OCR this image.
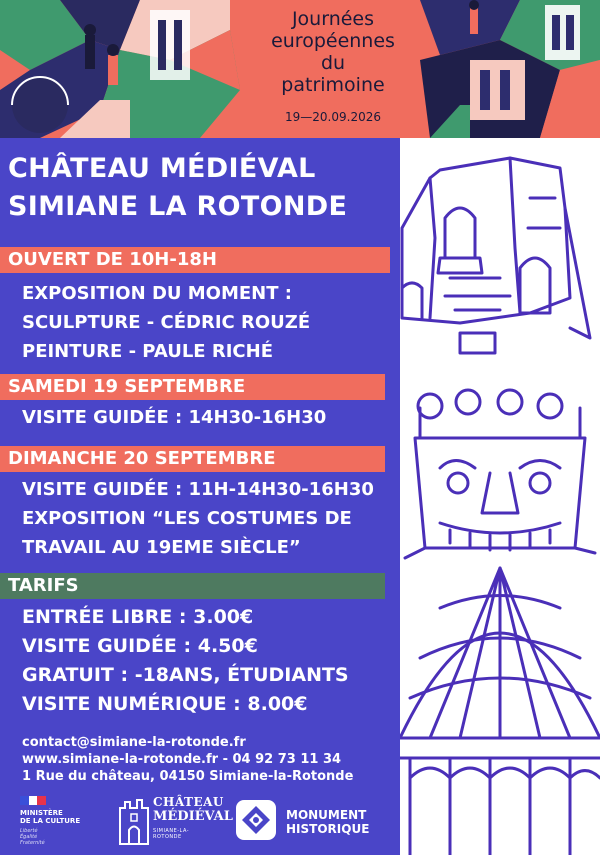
Journées
européennes
du
patrimoine
19—20.09.2026
CHÂTEAU MÉDIÉVAL
SIMIANE LA ROTONDE
OUVERT DE 10H-18H
EXPOSITION DU MOMENT :
SCULPTURE - CÉDRIC ROUZÉ
PEINTURE - PAULE RICHÉ
SAMEDI 19 SEPTEMBRE
VISITE GUIDÉE : 14H30-16H30
DIMANCHE 20 SEPTEMBRE
VISITE GUIDÉE : 11H-14H30-16H30
EXPOSITION “LES COSTUMES DE
TRAVAIL AU 19EME SIÈCLE”
TARIFS
ENTRÉE LIBRE : 3.00€
VISITE GUIDÉE : 4.50€
GRATUIT : -18ANS, ÉTUDIANTS
VISITE NUMÉRIQUE : 8.00€
contact@simiane-la-rotonde.fr
www.simiane-la-rotonde.fr - 04 92 73 11 34
1 Rue du château, 04150 Simiane-la-Rotonde
MINISTÈRE
DE LA CULTURE
Liberté
Égalité
Fraternité
CHÂTEAU
MÉDIÉVAL
SIMIANE-LA-ROTONDE
MONUMENT
HISTORIQUE
